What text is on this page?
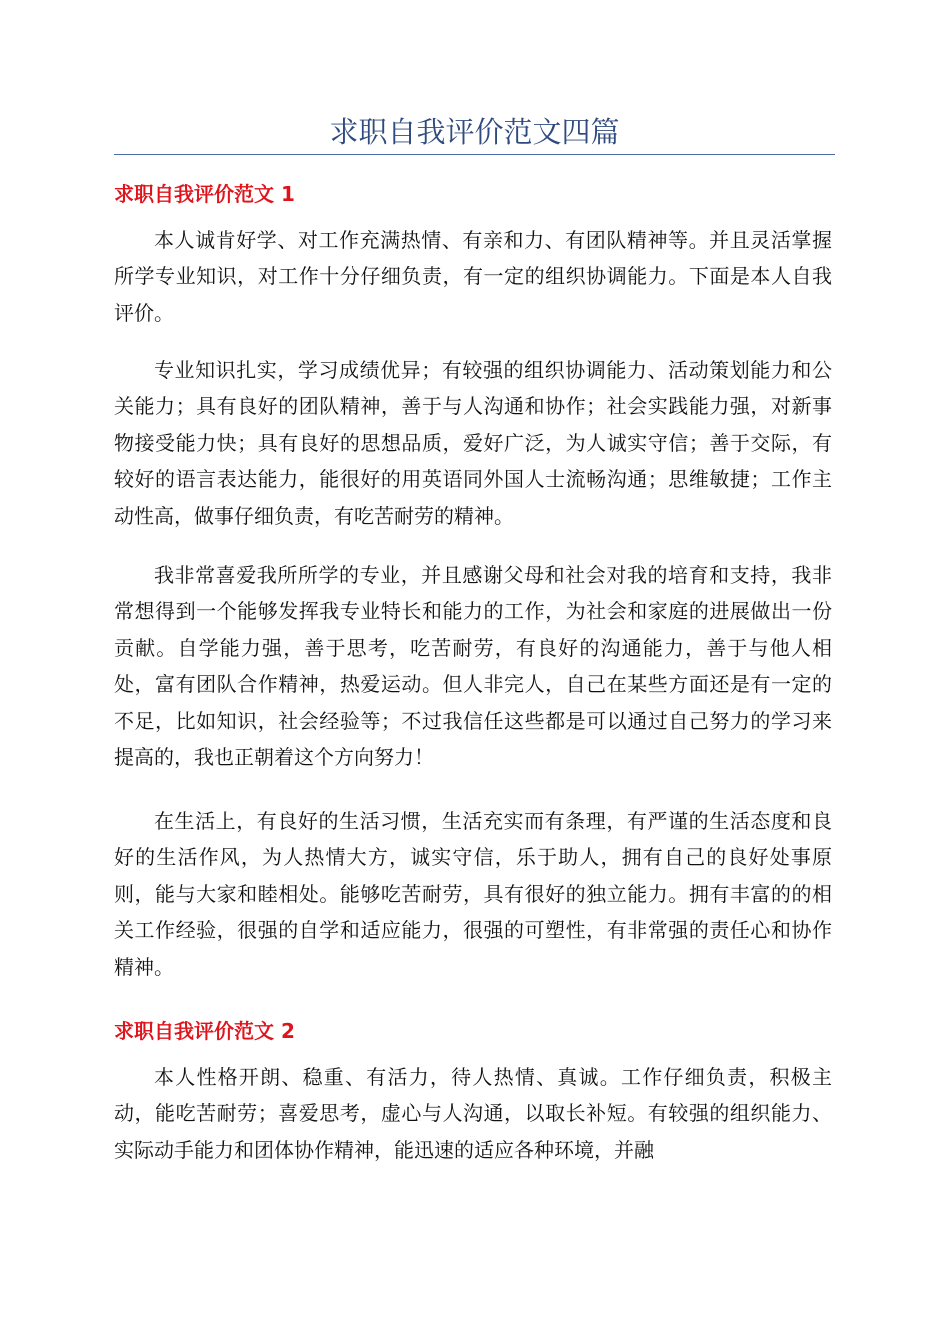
求职自我评价范文四篇
求职自我评价范文 1

本人诚肯好学、对工作充满热情、有亲和力、有团队精神等。并且灵活掌握所学专业知识，对工作十分仔细负责，有一定的组织协调能力。下面是本人自我评价。

专业知识扎实，学习成绩优异；有较强的组织协调能力、活动策划能力和公关能力；具有良好的团队精神，善于与人沟通和协作；社会实践能力强，对新事物接受能力快；具有良好的思想品质，爱好广泛，为人诚实守信；善于交际，有较好的语言表达能力，能很好的用英语同外国人士流畅沟通；思维敏捷；工作主动性高，做事仔细负责，有吃苦耐劳的精神。

我非常喜爱我所所学的专业，并且感谢父母和社会对我的培育和支持，我非常想得到一个能够发挥我专业特长和能力的工作，为社会和家庭的进展做出一份贡献。自学能力强，善于思考，吃苦耐劳，有良好的沟通能力，善于与他人相处，富有团队合作精神，热爱运动。但人非完人，自己在某些方面还是有一定的不足，比如知识，社会经验等；不过我信任这些都是可以通过自己努力的学习来提高的，我也正朝着这个方向努力！

在生活上，有良好的生活习惯，生活充实而有条理，有严谨的生活态度和良好的生活作风，为人热情大方，诚实守信，乐于助人，拥有自己的良好处事原则，能与大家和睦相处。能够吃苦耐劳，具有很好的独立能力。拥有丰富的的相关工作经验，很强的自学和适应能力，很强的可塑性，有非常强的责任心和协作精神。

求职自我评价范文 2

本人性格开朗、稳重、有活力，待人热情、真诚。工作仔细负责，积极主动，能吃苦耐劳；喜爱思考，虚心与人沟通，以取长补短。有较强的组织能力、实际动手能力和团体协作精神，能迅速的适应各种环境，并融
